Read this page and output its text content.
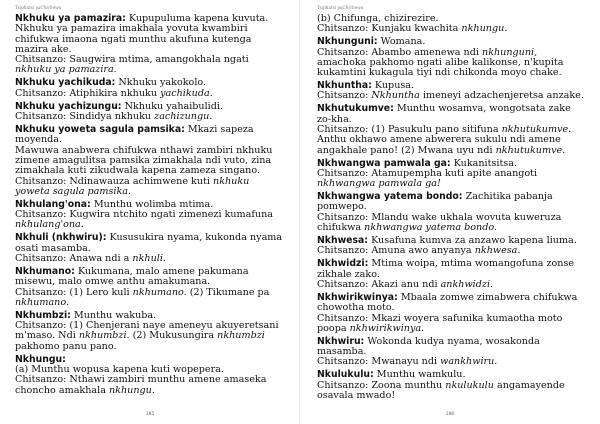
Tsiphutsi yaChichewa

Nkhuku ya pamazira: Kupupuluma kapena kuvuta.

Nkhuku ya pamazira imakhala yovuta kwambiri chifukwa imaona ngati munthu akufuna kutenga mazira ake.

Chitsanzo: Saugwira mtima, amangokhala ngati nkhuku ya pamazira.

Nkhuku yachikuda: Nkhuku yakokolo.

Chitsanzo: Atiphikira nkhuku yachikuda.

Nkhuku yachizungu: Nkhuku yahaibulidi.

Chitsanzo: Sindidya nkhuku zachizungu.

Nkhuku yoweta sagula pamsika: Mkazi sapeza moyenda.

Mawuwa anabwera chifukwa nthawi zambiri nkhuku zimene amagulitsa pamsika zimakhala ndi vuto, zina zimakhala kuti zikudwala kapena zameza singano.

Chitsanzo: Ndinawauza achimwene kuti nkhuku yoweta sagula pamsika.

Nkhulang'ona: Munthu wolimba mtima.

Chitsanzo: Kugwira ntchito ngati zimenezi kumafuna nkhulang'ona.

Nkhuli (nkhwiru): Kususukira nyama, kukonda nyama osati masamba.

Chitsanzo: Anawa ndi a nkhuli.

Nkhumano: Kukumana, malo amene pakumana misewu, malo omwe anthu amakumana.

Chitsanzo: (1) Lero kuli nkhumano. (2) Tikumane pa nkhumano.

Nkhumbzi: Munthu wakuba.

Chitsanzo: (1) Chenjerani naye ameneyu akuyeretsani m'maso. Ndi nkhumbzi. (2) Mukusungira nkhumbzi pakhomo panu pano.

Nkhungu:

(a) Munthu wopusa kapena kuti wopepera.

Chitsanzo: Nthawi zambiri munthu amene amaseka choncho amakhala nkhungu.

285
Tsiphutsi yaChichewa

(b) Chifunga, chizirezire.

Chitsanzo: Kunjaku kwachita nkhungu.

Nkhunguni: Womana.

Chitsanzo: Abambo amenewa ndi nkhunguni, amachoka pakhomo ngati alibe kalikonse, n'kupita kukamtini kukagula tiyi ndi chikonda moyo chake.

Nkhuntha: Kupusa.

Chitsanzo: Nkhuntha imeneyi adzachenjeretsa anzake.

Nkhutukumve: Munthu wosamva, wongotsata zake zo-kha.

Chitsanzo: (1) Pasukulu pano sitifuna nkhutukumve. Anthu okhawo amene abwerera sukulu ndi amene angakhale pano! (2) Mwana uyu ndi nkhutukumve.

Nkhwangwa pamwala ga: Kukanitsitsa.

Chitsanzo: Atamupempha kuti apite anangoti nkhwangwa pamwala ga!

Nkhwangwa yatema bondo: Zachitika pabanja pomwepo.

Chitsanzo: Mlandu wake ukhala wovuta kuweruza chifukwa nkhwangwa yatema bondo.

Nkhwesa: Kusafuna kumva za anzawo kapena liuma.

Chitsanzo: Amuna awo anyanya nkhwesa.

Nkhwidzi: Mtima woipa, mtima womangofuna zonse zikhale zako.

Chitsanzo: Akazi anu ndi ankhwidzi.

Nkhwirikwinya: Mbaala zomwe zimabwera chifukwa chowotha moto.

Chitsanzo: Mkazi woyera safunika kumaotha moto poopa nkhwirikwinya.

Nkhwiru: Wokonda kudya nyama, wosakonda masamba.

Chitsanzo: Mwanayu ndi wankhwiru.

Nkulukulu: Munthu wamkulu.

Chitsanzo: Zoona munthu nkulukulu angamayende osavala mwado!

286
